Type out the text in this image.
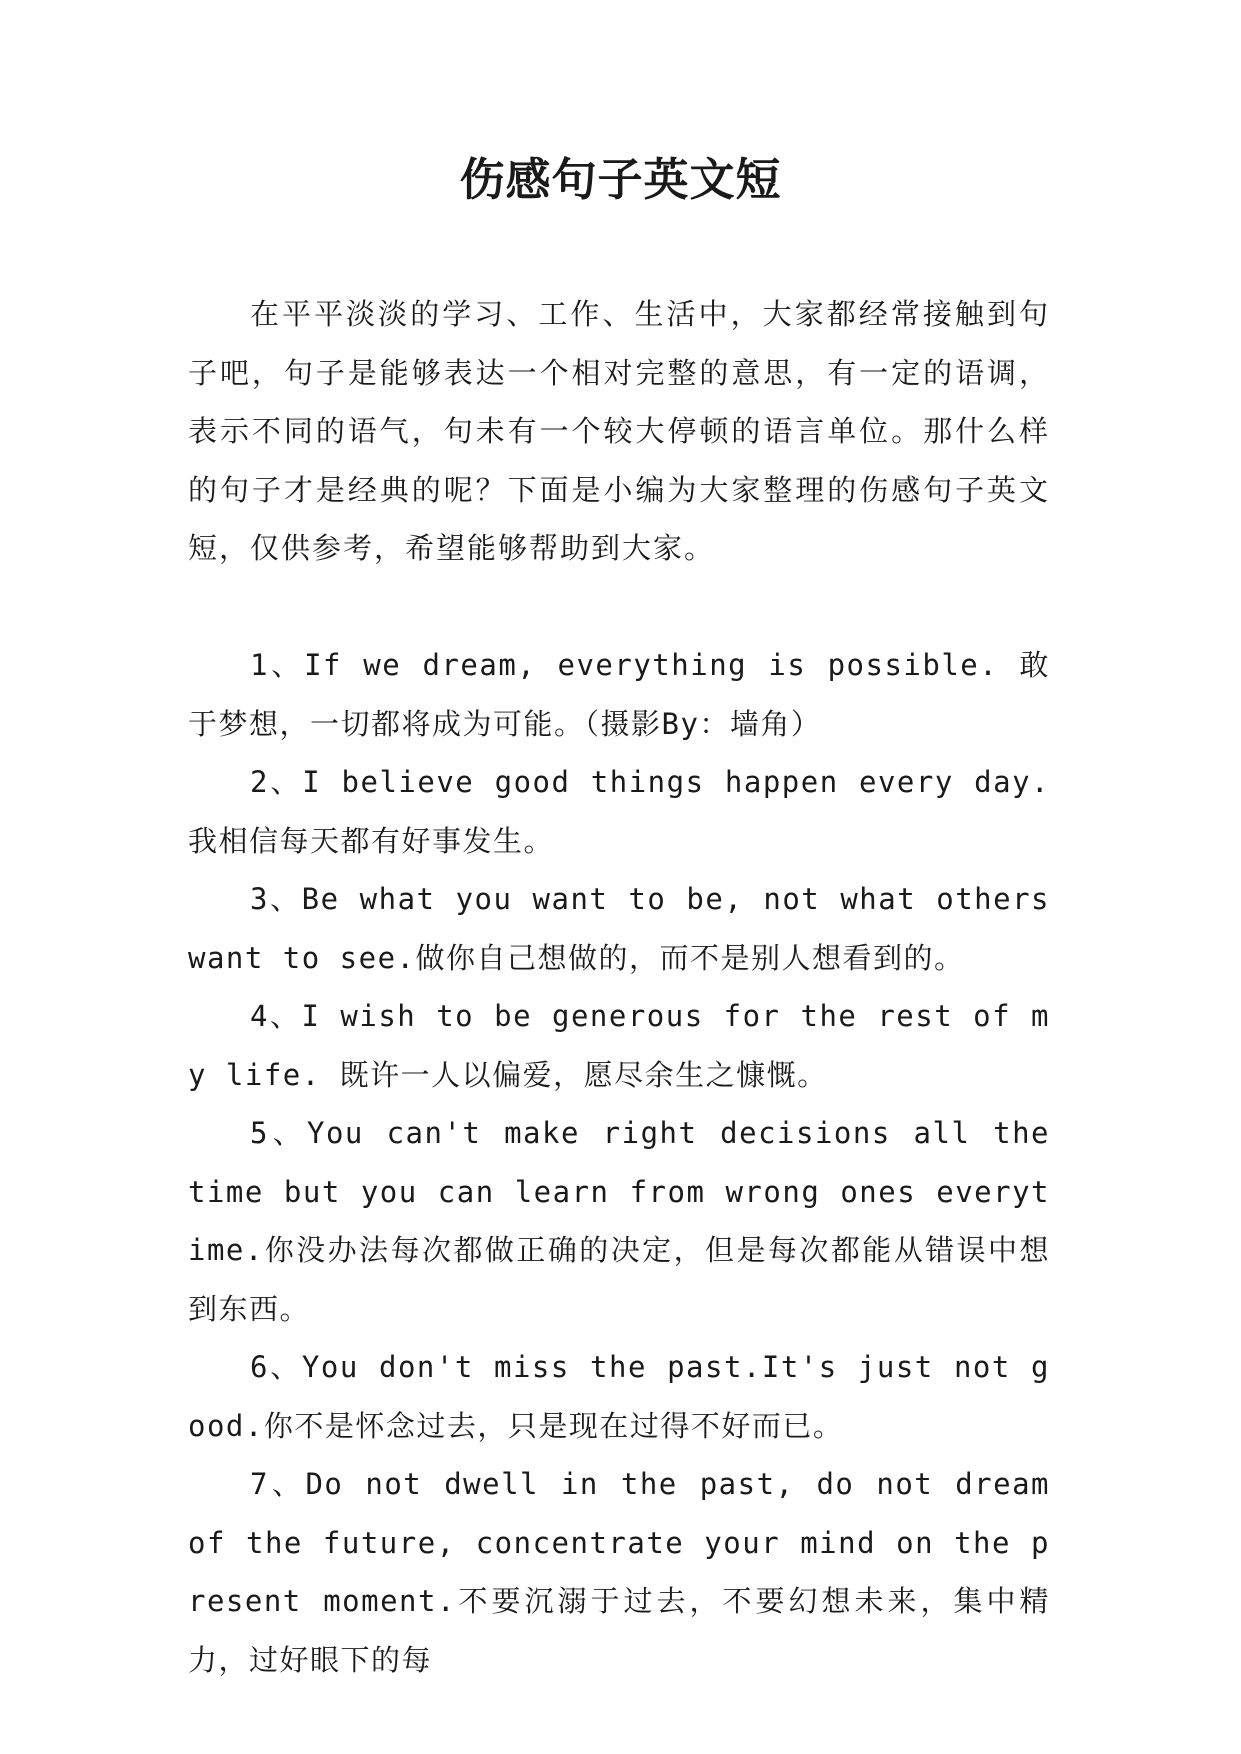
伤感句子英文短

在平平淡淡的学习、工作、生活中，大家都经常接触到句子吧，句子是能够表达一个相对完整的意思，有一定的语调，表示不同的语气，句未有一个较大停顿的语言单位。那什么样的句子才是经典的呢？下面是小编为大家整理的伤感句子英文短，仅供参考，希望能够帮助到大家。

1、If we dream, everything is possible. 敢于梦想，一切都将成为可能。（摄影By：墙角）

2、I believe good things happen every day.我相信每天都有好事发生。

3、Be what you want to be, not what others want to see.做你自己想做的，而不是别人想看到的。

4、I wish to be generous for the rest of my life. 既许一人以偏爱，愿尽余生之慷慨。

5、You can't make right decisions all the time but you can learn from wrong ones everytime.你没办法每次都做正确的决定，但是每次都能从错误中想到东西。

6、You don't miss the past.It's just not good.你不是怀念过去，只是现在过得不好而已。

7、Do not dwell in the past, do not dream of the future, concentrate your mind on the present moment.不要沉溺于过去，不要幻想未来，集中精力，过好眼下的每
